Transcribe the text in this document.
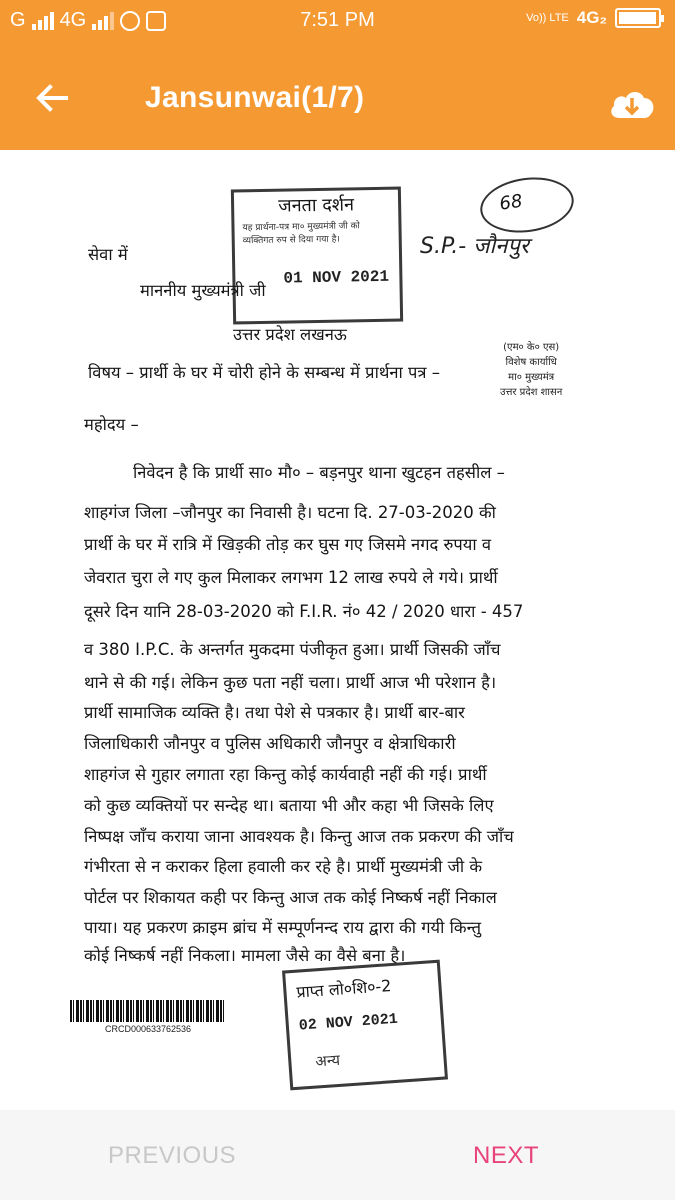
G 4G	7:51 PM	Vo)) LTE 4G₂
Jansunwai(1/7)
जनता दर्शन
यह प्रार्थना-पत्र मा० मुख्यमंत्री जी को व्यक्तिगत रुप से दिया गया है।
01 NOV 2021
68
S.P.- जौनपुर
(एम० के० एस)
विशेष कार्याधि
मा० मुख्यमंत्र
उत्तर प्रदेश शासन
सेवा में
माननीय मुख्यमंत्री जी
उत्तर प्रदेश लखनऊ
विषय – प्रार्थी के घर में चोरी होने के सम्बन्ध में प्रार्थना पत्र –
महोदय –
निवेदन है कि प्रार्थी सा० मौ० – बड़नपुर थाना खुटहन तहसील –
शाहगंज जिला –जौनपुर का निवासी है। घटना दि. 27-03-2020 की
प्रार्थी के घर में रात्रि में खिड़की तोड़ कर घुस गए जिसमे नगद रुपया व
जेवरात चुरा ले गए कुल मिलाकर लगभग 12 लाख रुपये ले गये। प्रार्थी
दूसरे दिन यानि 28-03-2020 को F.I.R. नं० 42 / 2020 धारा - 457
व 380 I.P.C. के अन्तर्गत मुकदमा पंजीकृत हुआ। प्रार्थी जिसकी जाँच
थाने से की गई। लेकिन कुछ पता नहीं चला। प्रार्थी आज भी परेशान है।
प्रार्थी सामाजिक व्यक्ति है। तथा पेशे से पत्रकार है। प्रार्थी बार-बार
जिलाधिकारी जौनपुर व पुलिस अधिकारी जौनपुर व क्षेत्राधिकारी
शाहगंज से गुहार लगाता रहा किन्तु कोई कार्यवाही नहीं की गई। प्रार्थी
को कुछ व्यक्तियों पर सन्देह था। बताया भी और कहा भी जिसके लिए
निष्पक्ष जाँच कराया जाना आवश्यक है। किन्तु आज तक प्रकरण की जाँच
गंभीरता से न कराकर हिला हवाली कर रहे है। प्रार्थी मुख्यमंत्री जी के
पोर्टल पर शिकायत कही पर किन्तु आज तक कोई निष्कर्ष नहीं निकाल
पाया। यह प्रकरण क्राइम ब्रांच में सम्पूर्णनन्द राय द्वारा की गयी किन्तु
कोई निष्कर्ष नहीं निकला। मामला जैसे का वैसे बना है।
CRCD000633762536
प्राप्त लो०शि०-2
02 NOV 2021
अन्य
PREVIOUS	NEXT
